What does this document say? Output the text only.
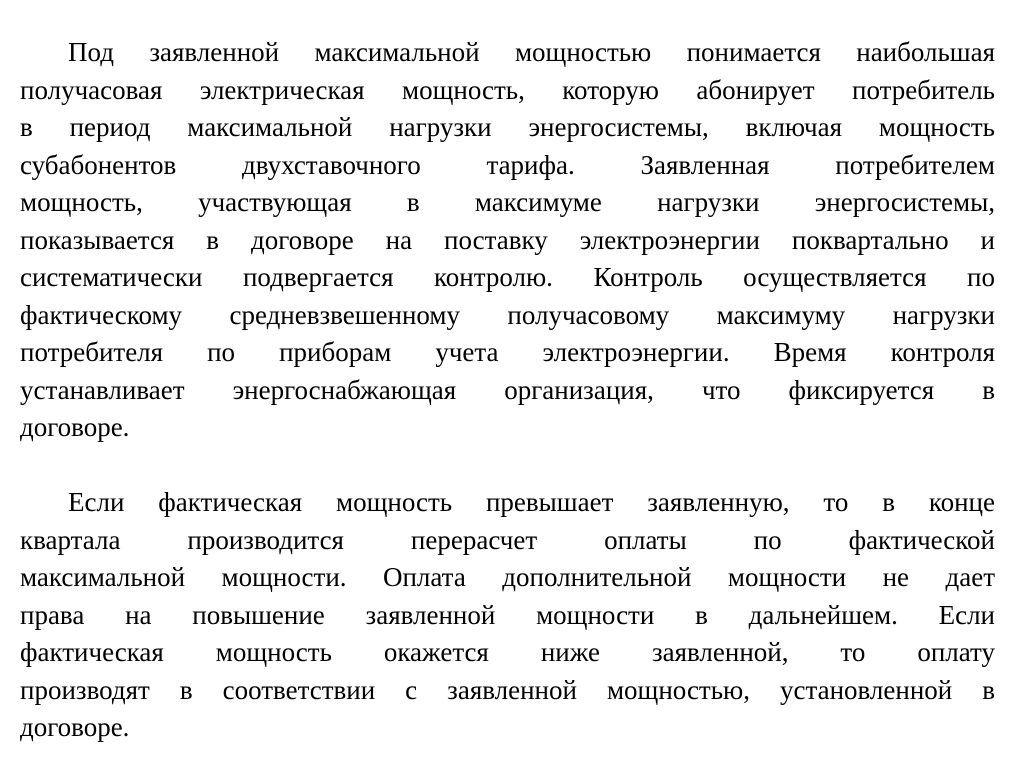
Под заявленной максимальной мощностью понимается наибольшая
получасовая электрическая мощность, которую абонирует потребитель
в период максимальной нагрузки энергосистемы, включая мощность
субабонентов двухставочного тарифа. Заявленная потребителем
мощность, участвующая в максимуме нагрузки энергосистемы,
показывается в договоре на поставку электроэнергии поквартально и
систематически подвергается контролю. Контроль осуществляется по
фактическому средневзвешенному получасовому максимуму нагрузки
потребителя по приборам учета электроэнергии. Время контроля
устанавливает энергоснабжающая организация, что фиксируется в
договоре.
Если фактическая мощность превышает заявленную, то в конце
квартала производится перерасчет оплаты по фактической
максимальной мощности. Оплата дополнительной мощности не дает
права на повышение заявленной мощности в дальнейшем. Если
фактическая мощность окажется ниже заявленной, то оплату
производят в соответствии с заявленной мощностью, установленной в
договоре.
